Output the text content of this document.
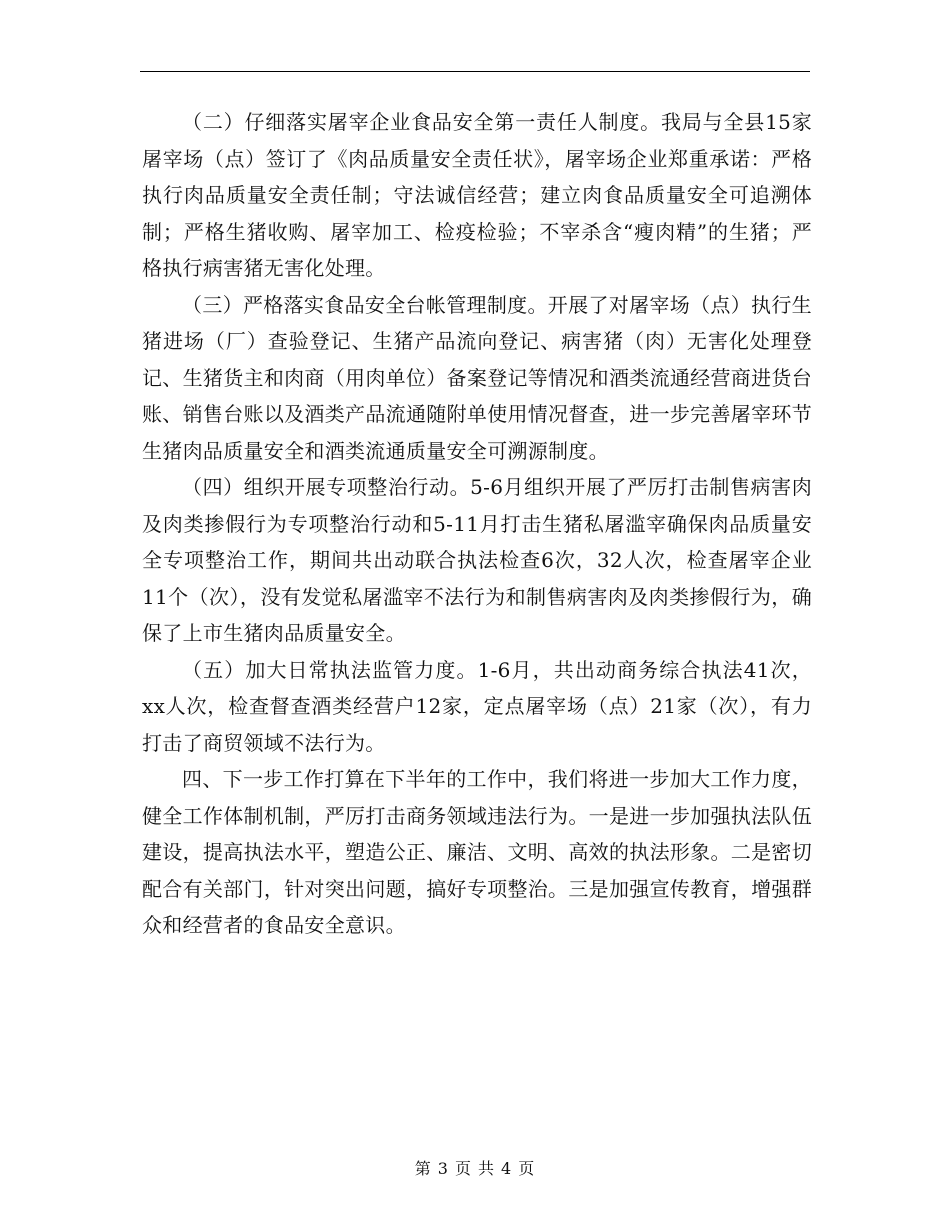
（二）仔细落实屠宰企业食品安全第一责任人制度。我局与全县15家屠宰场（点）签订了《肉品质量安全责任状》，屠宰场企业郑重承诺：严格执行肉品质量安全责任制；守法诚信经营；建立肉食品质量安全可追溯体制；严格生猪收购、屠宰加工、检疫检验；不宰杀含“瘦肉精”的生猪；严格执行病害猪无害化处理。

（三）严格落实食品安全台帐管理制度。开展了对屠宰场（点）执行生猪进场（厂）查验登记、生猪产品流向登记、病害猪（肉）无害化处理登记、生猪货主和肉商（用肉单位）备案登记等情况和酒类流通经营商进货台账、销售台账以及酒类产品流通随附单使用情况督查，进一步完善屠宰环节生猪肉品质量安全和酒类流通质量安全可溯源制度。

（四）组织开展专项整治行动。5-6月组织开展了严厉打击制售病害肉及肉类掺假行为专项整治行动和5-11月打击生猪私屠滥宰确保肉品质量安全专项整治工作，期间共出动联合执法检查6次，32人次，检查屠宰企业11个（次），没有发觉私屠滥宰不法行为和制售病害肉及肉类掺假行为，确保了上市生猪肉品质量安全。

（五）加大日常执法监管力度。1-6月，共出动商务综合执法41次，xx人次，检查督查酒类经营户12家，定点屠宰场（点）21家（次），有力打击了商贸领域不法行为。

四、下一步工作打算在下半年的工作中，我们将进一步加大工作力度，健全工作体制机制，严厉打击商务领域违法行为。一是进一步加强执法队伍建设，提高执法水平，塑造公正、廉洁、文明、高效的执法形象。二是密切配合有关部门，针对突出问题，搞好专项整治。三是加强宣传教育，增强群众和经营者的食品安全意识。

第 3 页 共 4 页
